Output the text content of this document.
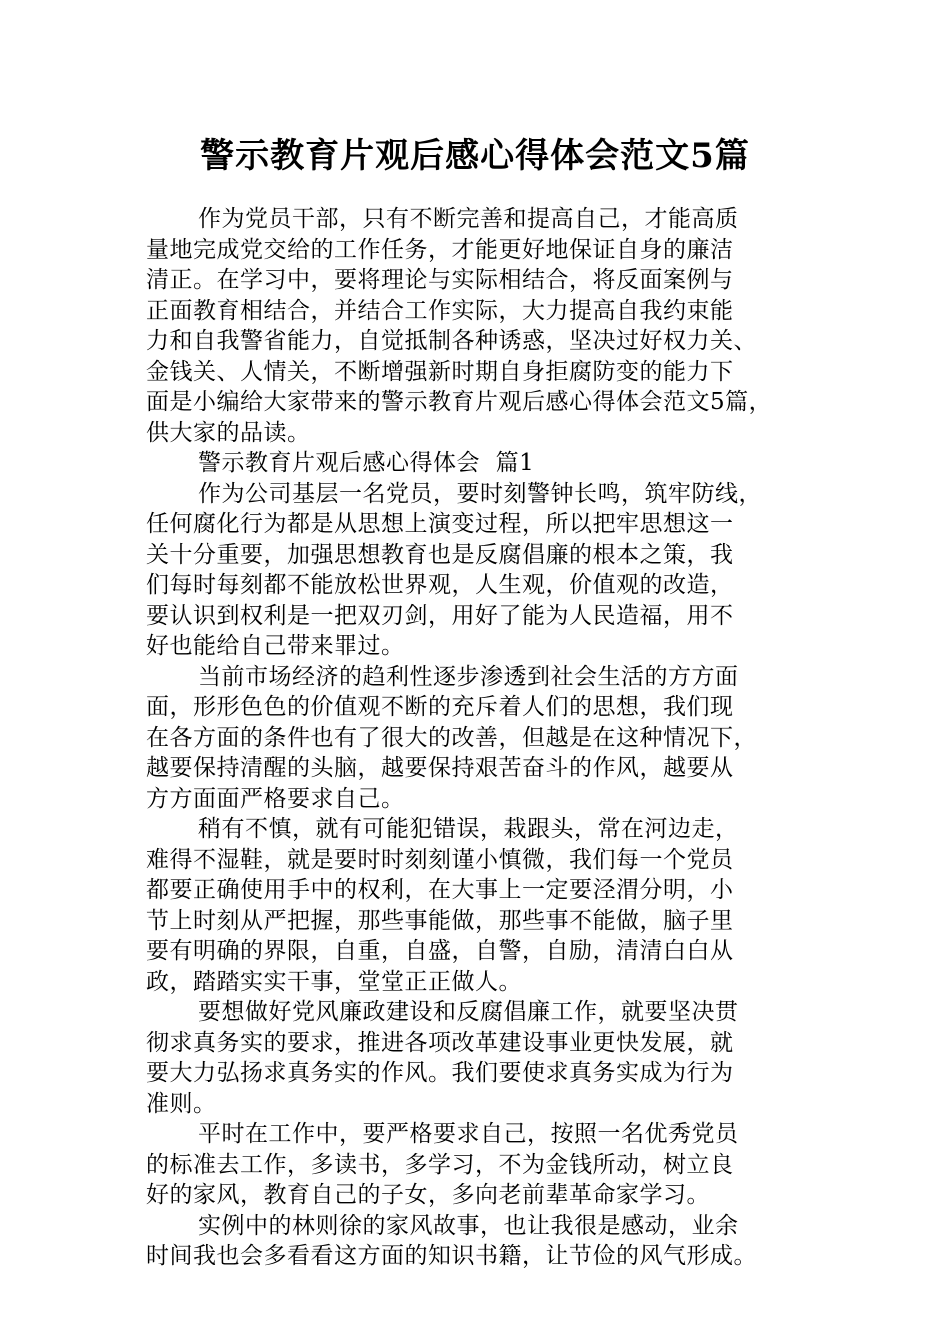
警示教育片观后感心得体会范文5篇
作为党员干部，只有不断完善和提高自己，才能高质
量地完成党交给的工作任务，才能更好地保证自身的廉洁
清正。在学习中，要将理论与实际相结合，将反面案例与
正面教育相结合，并结合工作实际，大力提高自我约束能
力和自我警省能力，自觉抵制各种诱惑，坚决过好权力关、
金钱关、人情关，不断增强新时期自身拒腐防变的能力下
面是小编给大家带来的警示教育片观后感心得体会范文5篇，
供大家的品读。
警示教育片观后感心得体会  篇1
作为公司基层一名党员，要时刻警钟长鸣，筑牢防线，
任何腐化行为都是从思想上演变过程，所以把牢思想这一
关十分重要，加强思想教育也是反腐倡廉的根本之策，我
们每时每刻都不能放松世界观，人生观，价值观的改造，
要认识到权利是一把双刃剑，用好了能为人民造福，用不
好也能给自己带来罪过。
当前市场经济的趋利性逐步渗透到社会生活的方方面
面，形形色色的价值观不断的充斥着人们的思想，我们现
在各方面的条件也有了很大的改善，但越是在这种情况下，
越要保持清醒的头脑，越要保持艰苦奋斗的作风，越要从
方方面面严格要求自己。
稍有不慎，就有可能犯错误，栽跟头，常在河边走，
难得不湿鞋，就是要时时刻刻谨小慎微，我们每一个党员
都要正确使用手中的权利，在大事上一定要泾渭分明，小
节上时刻从严把握，那些事能做，那些事不能做，脑子里
要有明确的界限，自重，自盛，自警，自励，清清白白从
政，踏踏实实干事，堂堂正正做人。
要想做好党风廉政建设和反腐倡廉工作，就要坚决贯
彻求真务实的要求，推进各项改革建设事业更快发展，就
要大力弘扬求真务实的作风。我们要使求真务实成为行为
准则。
平时在工作中，要严格要求自己，按照一名优秀党员
的标准去工作，多读书，多学习，不为金钱所动，树立良
好的家风，教育自己的子女，多向老前辈革命家学习。
实例中的林则徐的家风故事，也让我很是感动，业余
时间我也会多看看这方面的知识书籍，让节俭的风气形成。
